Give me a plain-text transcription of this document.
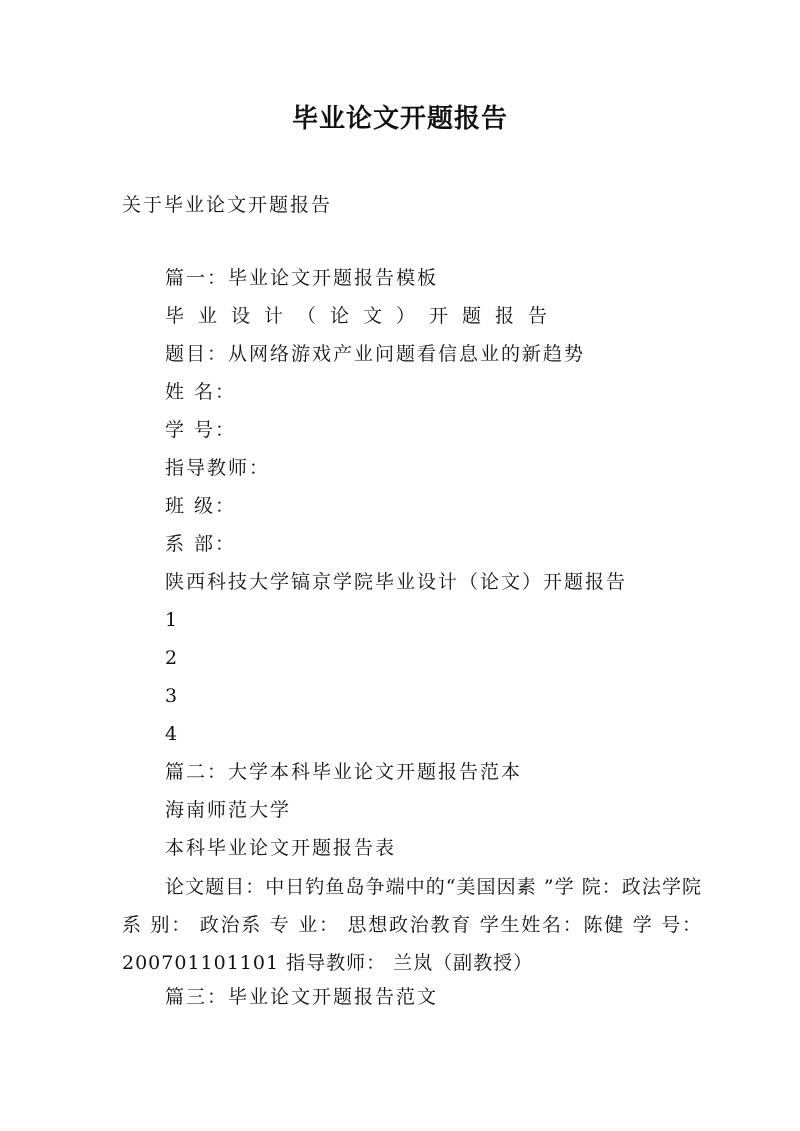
毕业论文开题报告
关于毕业论文开题报告
篇一：毕业论文开题报告模板
毕业设计（论文）开题报告
题目：从网络游戏产业问题看信息业的新趋势
姓 名：
学 号：
指导教师：
班 级：
系 部：
陕西科技大学镐京学院毕业设计（论文）开题报告
1
2
3
4
篇二：大学本科毕业论文开题报告范本
海南师范大学
本科毕业论文开题报告表
论文题目：中日钓鱼岛争端中的“美国因素 ”学 院：政法学院系 别： 政治系 专 业： 思想政治教育 学生姓名：陈健 学 号： 200701101101 指导教师： 兰岚（副教授）
篇三：毕业论文开题报告范文
